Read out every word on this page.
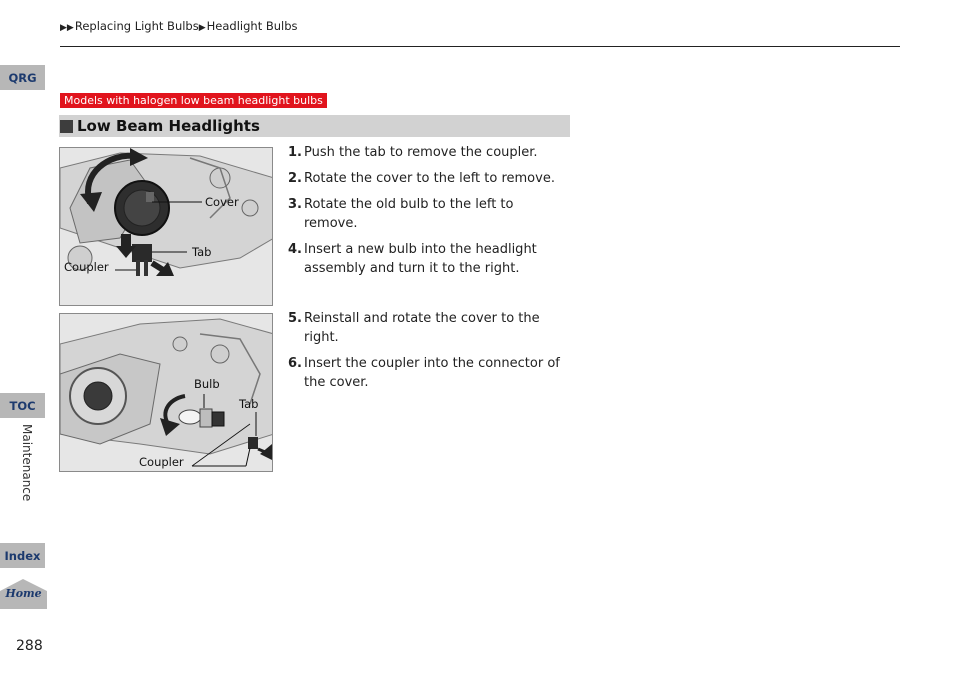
▶▶Replacing Light Bulbs▶Headlight Bulbs
QRG
TOC
Maintenance
Index
Home
288
Models with halogen low beam headlight bulbs
Low Beam Headlights
Cover
Tab
Coupler
Bulb
Tab
Coupler
1. Push the tab to remove the coupler.
2. Rotate the cover to the left to remove.
3. Rotate the old bulb to the left to remove.
4. Insert a new bulb into the headlight assembly and turn it to the right.
5. Reinstall and rotate the cover to the right.
6. Insert the coupler into the connector of the cover.
